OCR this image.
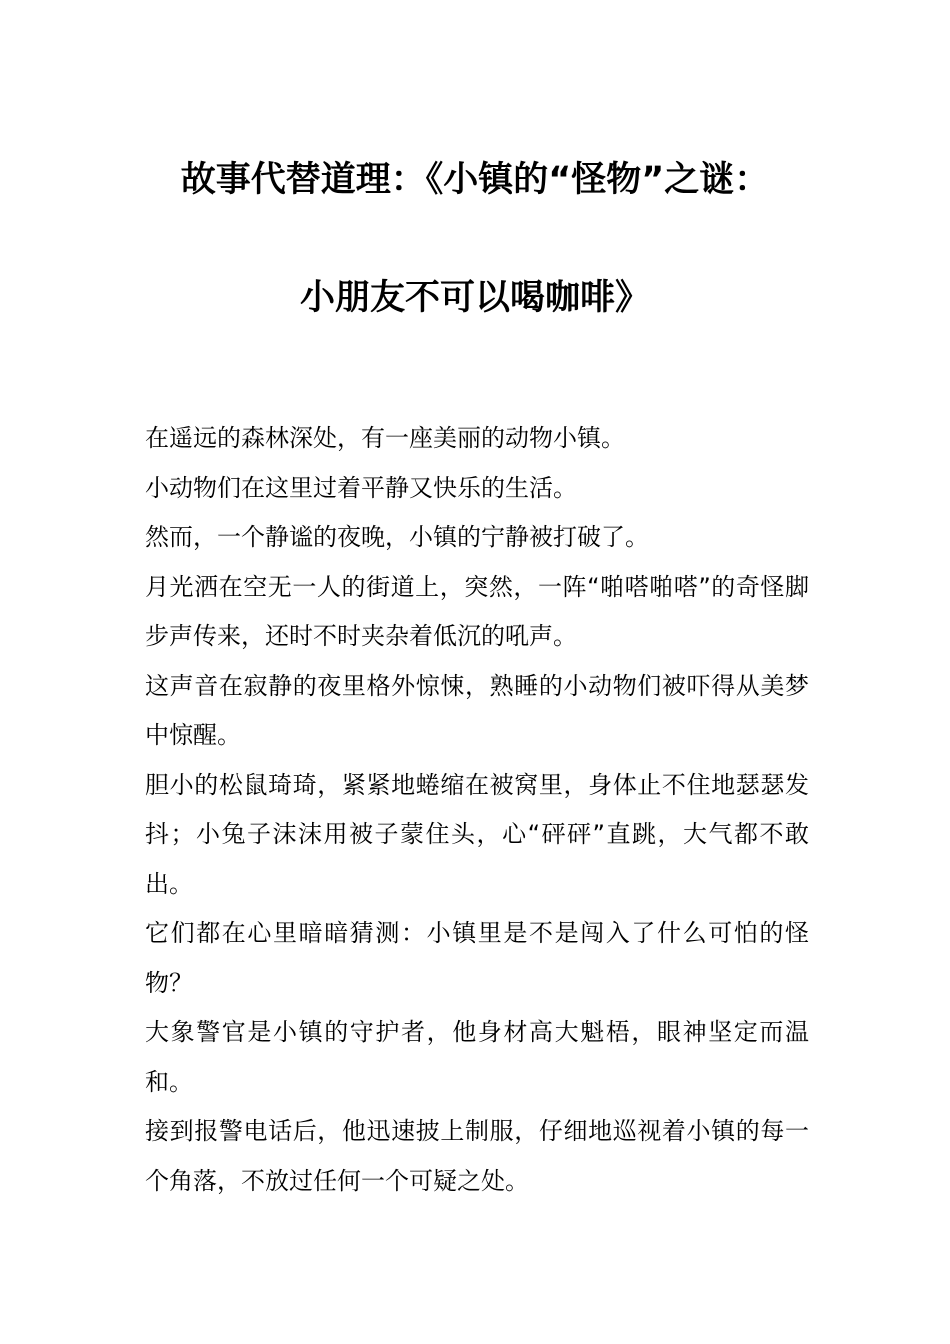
故事代替道理：《小镇的“怪物”之谜：
小朋友不可以喝咖啡》

在遥远的森林深处，有一座美丽的动物小镇。

小动物们在这里过着平静又快乐的生活。

然而，一个静谧的夜晚，小镇的宁静被打破了。

月光洒在空无一人的街道上，突然，一阵“啪嗒啪嗒”的奇怪脚步声传来，还时不时夹杂着低沉的吼声。

这声音在寂静的夜里格外惊悚，熟睡的小动物们被吓得从美梦中惊醒。

胆小的松鼠琦琦，紧紧地蜷缩在被窝里，身体止不住地瑟瑟发抖；小兔子沫沫用被子蒙住头，心“砰砰”直跳，大气都不敢出。

它们都在心里暗暗猜测：小镇里是不是闯入了什么可怕的怪物？

大象警官是小镇的守护者，他身材高大魁梧，眼神坚定而温和。

接到报警电话后，他迅速披上制服，仔细地巡视着小镇的每一个角落，不放过任何一个可疑之处。
